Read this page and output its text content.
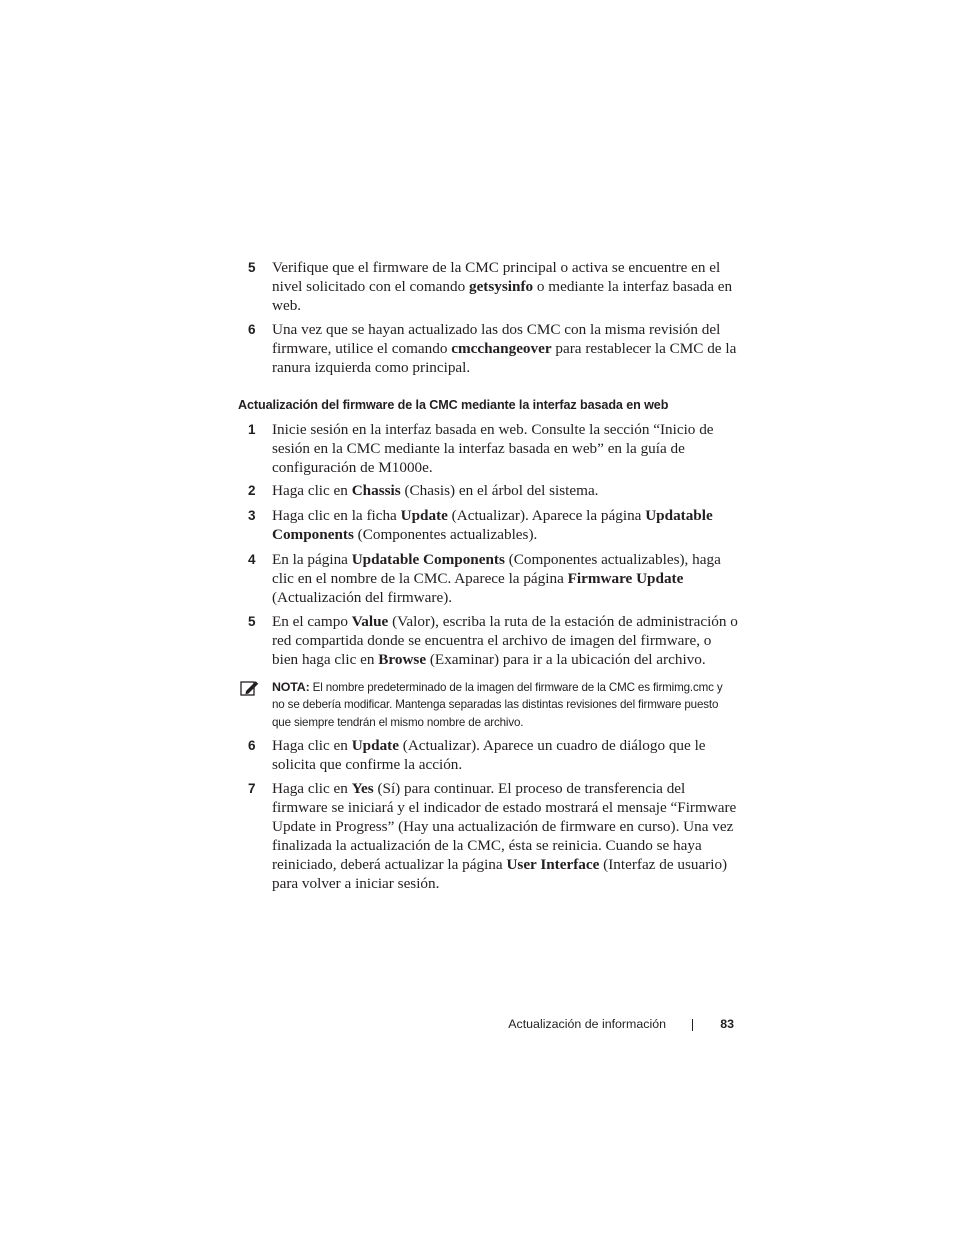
5 Verifique que el firmware de la CMC principal o activa se encuentre en el nivel solicitado con el comando getsysinfo o mediante la interfaz basada en web.
6 Una vez que se hayan actualizado las dos CMC con la misma revisión del firmware, utilice el comando cmcchangeover para restablecer la CMC de la ranura izquierda como principal.
Actualización del firmware de la CMC mediante la interfaz basada en web
1 Inicie sesión en la interfaz basada en web. Consulte la sección “Inicio de sesión en la CMC mediante la interfaz basada en web” en la guía de configuración de M1000e.
2 Haga clic en Chassis (Chasis) en el árbol del sistema.
3 Haga clic en la ficha Update (Actualizar). Aparece la página Updatable Components (Componentes actualizables).
4 En la página Updatable Components (Componentes actualizables), haga clic en el nombre de la CMC. Aparece la página Firmware Update (Actualización del firmware).
5 En el campo Value (Valor), escriba la ruta de la estación de administración o red compartida donde se encuentra el archivo de imagen del firmware, o bien haga clic en Browse (Examinar) para ir a la ubicación del archivo.
NOTA: El nombre predeterminado de la imagen del firmware de la CMC es firmimg.cmc y no se debería modificar. Mantenga separadas las distintas revisiones del firmware puesto que siempre tendrán el mismo nombre de archivo.
6 Haga clic en Update (Actualizar). Aparece un cuadro de diálogo que le solicita que confirme la acción.
7 Haga clic en Yes (Sí) para continuar. El proceso de transferencia del firmware se iniciará y el indicador de estado mostrará el mensaje “Firmware Update in Progress” (Hay una actualización de firmware en curso). Una vez finalizada la actualización de la CMC, ésta se reinicia. Cuando se haya reiniciado, deberá actualizar la página User Interface (Interfaz de usuario) para volver a iniciar sesión.
Actualización de información	83
